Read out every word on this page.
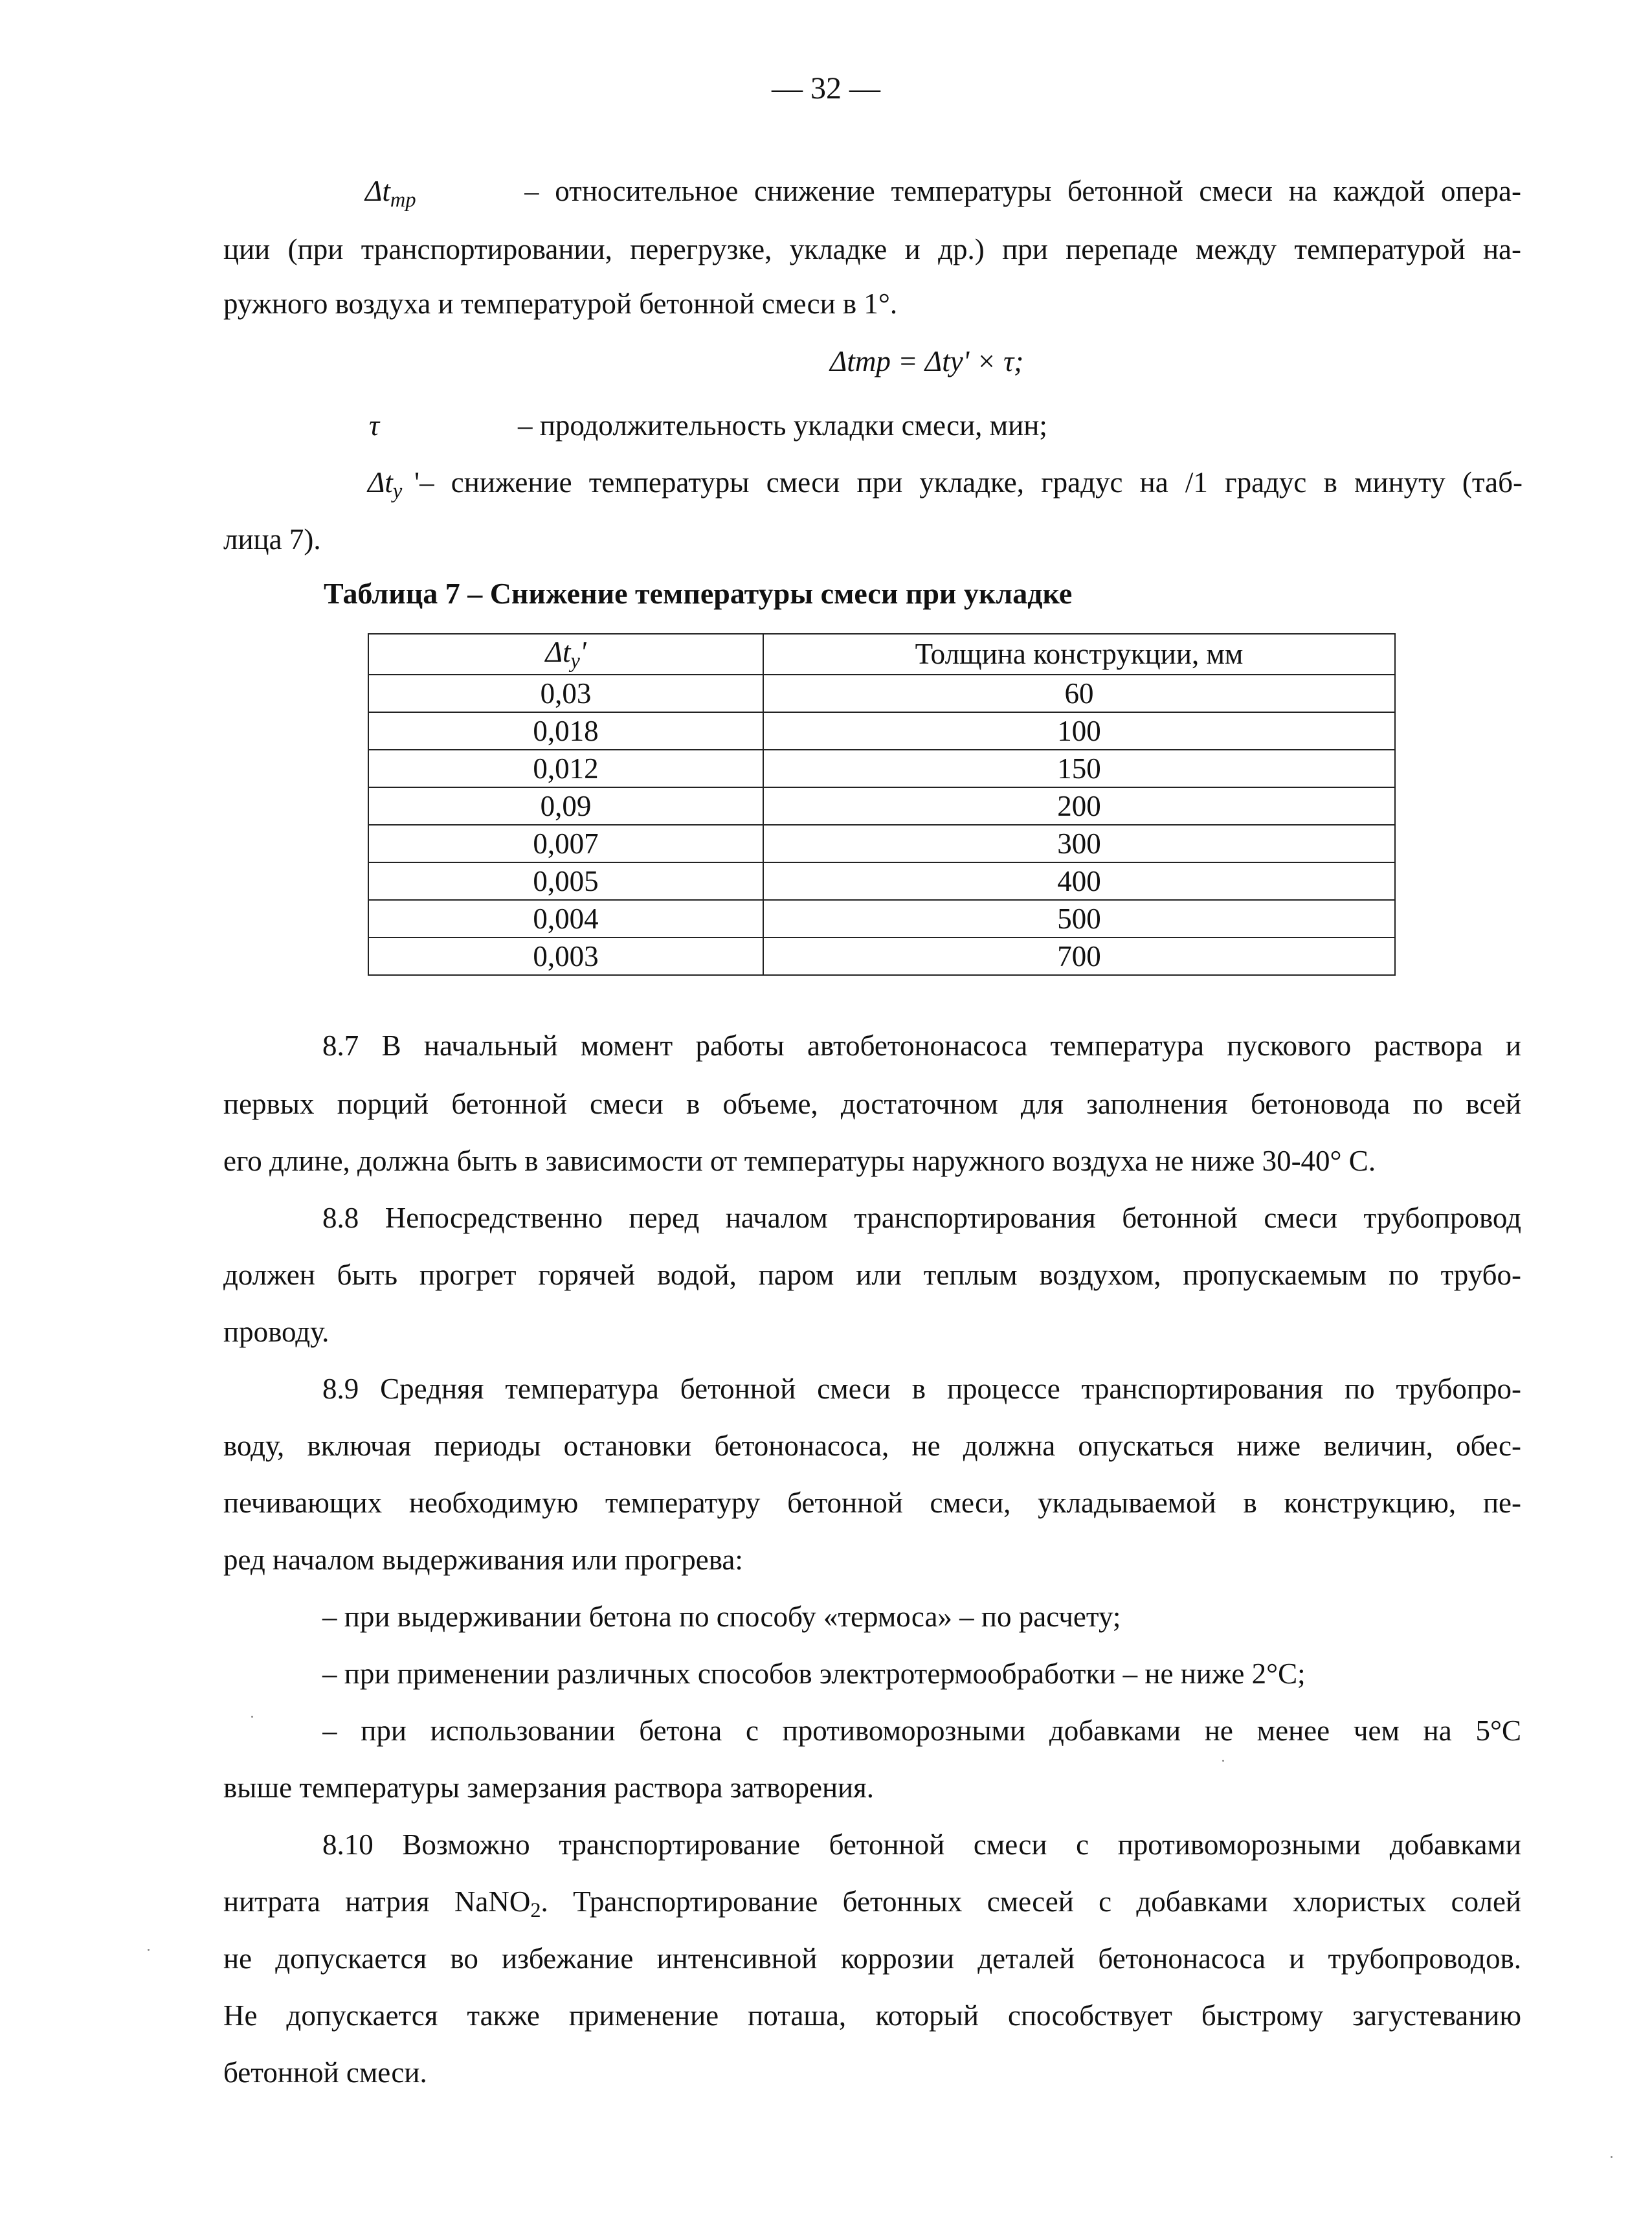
— 32 —
$\Delta t_{тр}$	– относительное снижение температуры бетонной смеси на каждой опера-
ции (при транспортировании, перегрузке, укладке и др.) при перепаде между температурой на-
ружного воздуха и температурой бетонной смеси в 1°.
Δtтр = Δty' × τ;
τ	– продолжительность укладки смеси, мин;
$\Delta t_y$ '– снижение температуры смеси при укладке, градус на /1 градус в минуту (таб-
лица 7).
Таблица 7 – Снижение температуры смеси при укладке
$\Delta t_y'$	Толщина конструкции, мм
0,03	60
0,018	100
0,012	150
0,09	200
0,007	300
0,005	400
0,004	500
0,003	700
8.7 В начальный момент работы автобетононасоса температура пускового раствора и
первых порций бетонной смеси в объеме, достаточном для заполнения бетоновода по всей
его длине, должна быть в зависимости от температуры наружного воздуха не ниже 30-40° С.
8.8 Непосредственно перед началом транспортирования бетонной смеси трубопровод
должен быть прогрет горячей водой, паром или теплым воздухом, пропускаемым по трубо-
проводу.
8.9 Средняя температура бетонной смеси в процессе транспортирования по трубопро-
воду, включая периоды остановки бетононасоса, не должна опускаться ниже величин, обес-
печивающих необходимую температуру бетонной смеси, укладываемой в конструкцию, пе-
ред началом выдерживания или прогрева:
– при выдерживании бетона по способу «термоса» – по расчету;
– при применении различных способов электротермообработки – не ниже 2°С;
– при использовании бетона с противоморозными добавками не менее чем на 5°С
выше температуры замерзания раствора затворения.
8.10 Возможно транспортирование бетонной смеси с противоморозными добавками
нитрата натрия NaNO$_2$. Транспортирование бетонных смесей с добавками хлористых солей
не допускается во избежание интенсивной коррозии деталей бетононасоса и трубопроводов.
Не допускается также применение поташа, который способствует быстрому загустеванию
бетонной смеси.
